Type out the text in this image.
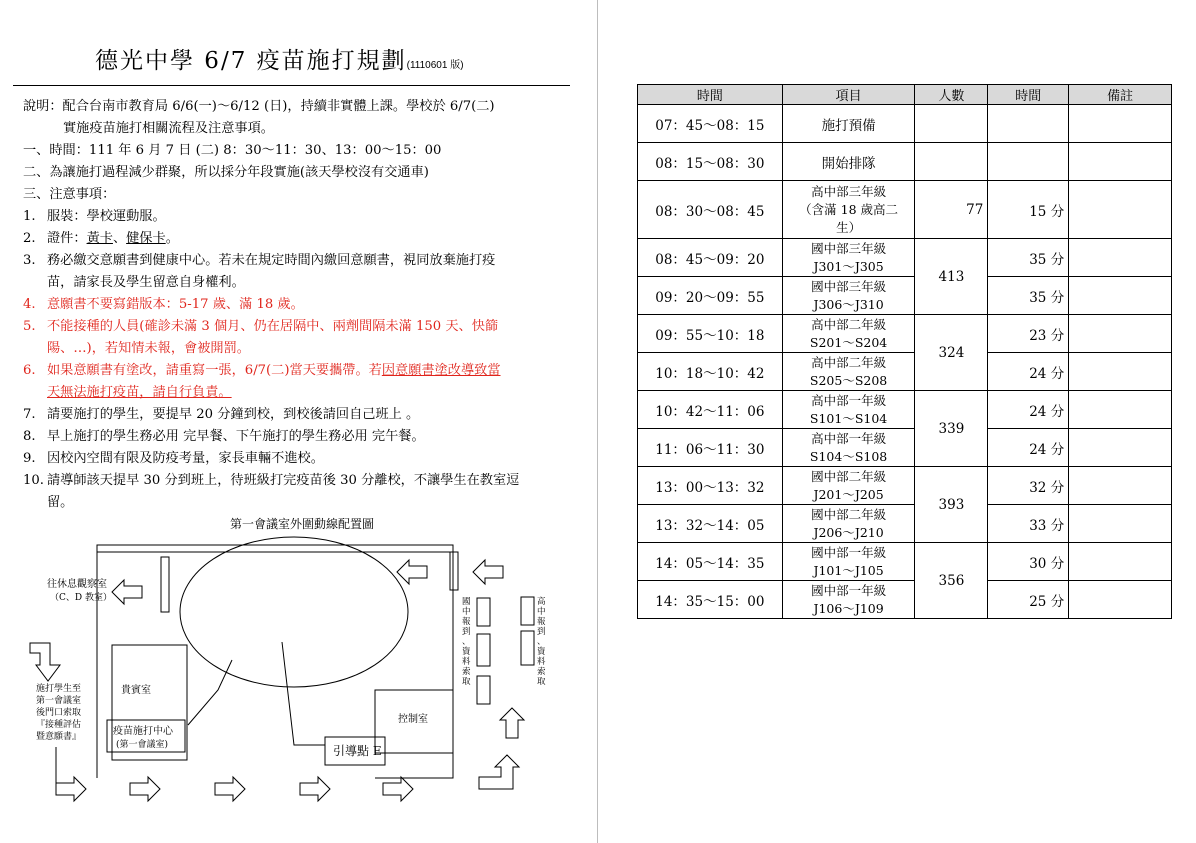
德光中學 6/7 疫苗施打規劃(1110601 版)

說明：配合台南市教育局 6/6(一)～6/12 (日)，持續非實體上課。學校於 6/7(二)

實施疫苗施打相關流程及注意事項。

一、時間：111 年 6 月 7 日 (二) 8：30～11：30、13：00～15：00

二、為讓施打過程減少群聚，所以採分年段實施(該天學校沒有交通車)

三、注意事項：

1. 服裝：學校運動服。

2. 證件：黃卡、健保卡。

3. 務必繳交意願書到健康中心。若未在規定時間內繳回意願書，視同放棄施打疫

苗，請家長及學生留意自身權利。

4. 意願書不要寫錯版本：5-17 歲、滿 18 歲。

5. 不能接種的人員(確診未滿 3 個月、仍在居隔中、兩劑間隔未滿 150 天、快篩

陽、…)，若知情未報，會被開罰。

6. 如果意願書有塗改，請重寫一張，6/7(二)當天要攜帶。若因意願書塗改導致當

天無法施打疫苗，請自行負責。

7. 請要施打的學生，要提早 20 分鐘到校，到校後請回自己班上 。

8. 早上施打的學生務必用 完早餐、下午施打的學生務必用 完午餐。

9. 因校內空間有限及防疫考量，家長車輛不進校。

10. 請導師該天提早 30 分到班上，待班級打完疫苗後 30 分離校，不讓學生在教室逗

留。

第一會議室外圍動線配置圖
往休息觀察室
（C、D 教室）
貴賓室
控制室
疫苗施打中心
(第一會議室)	引導點 E
施打學生至
第一會議室
後門口索取
『接種評估
暨意願書』
國
中
報
到
、
資
料
索
取
高
中
報
到
、
資
料
索
取
時間	項目	人數	時間	備註
07：45～08：15	施打預備			
08：15～08：30	開始排隊			
08：30～08：45	高中部三年級
（含滿 18 歲高二
生）	77	15 分	
08：45～09：20	國中部三年級
J301～J305	413	35 分	
09：20～09：55	國中部三年級
J306～J310		35 分	
09：55～10：18	高中部二年級
S201～S204	324	23 分	
10：18～10：42	高中部二年級
S205～S208		24 分	
10：42～11：06	高中部一年級
S101～S104	339	24 分	
11：06～11：30	高中部一年級
S104～S108		24 分	
13：00～13：32	國中部二年級
J201～J205	393	32 分	
13：32～14：05	國中部二年級
J206～J210		33 分	
14：05～14：35	國中部一年級
J101～J105	356	30 分	
14：35～15：00	國中部一年級
J106～J109		25 分	
